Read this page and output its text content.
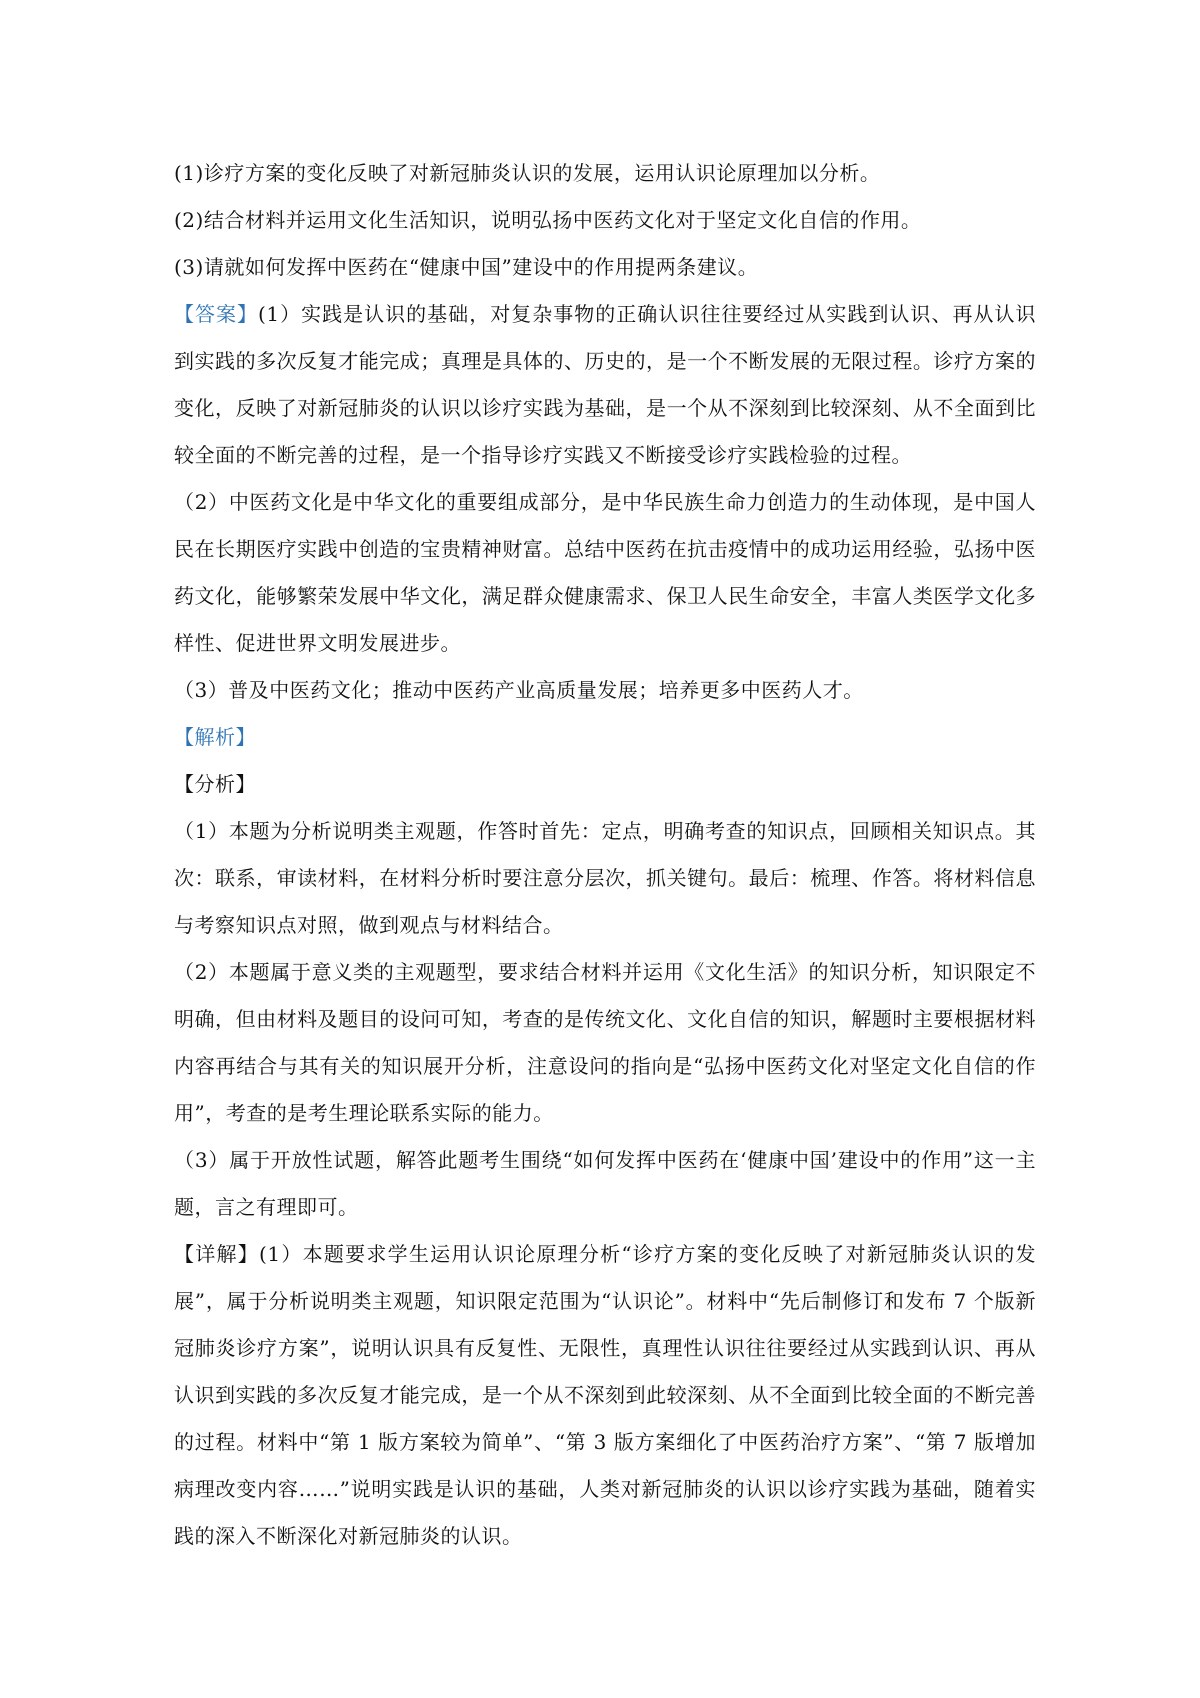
(1)诊疗方案的变化反映了对新冠肺炎认识的发展，运用认识论原理加以分析。

(2)结合材料并运用文化生活知识，说明弘扬中医药文化对于坚定文化自信的作用。

(3)请就如何发挥中医药在“健康中国”建设中的作用提两条建议。

【答案】(1）实践是认识的基础，对复杂事物的正确认识往往要经过从实践到认识、再从认识到实践的多次反复才能完成；真理是具体的、历史的，是一个不断发展的无限过程。诊疗方案的变化，反映了对新冠肺炎的认识以诊疗实践为基础，是一个从不深刻到比较深刻、从不全面到比较全面的不断完善的过程，是一个指导诊疗实践又不断接受诊疗实践检验的过程。

（2）中医药文化是中华文化的重要组成部分，是中华民族生命力创造力的生动体现，是中国人民在长期医疗实践中创造的宝贵精神财富。总结中医药在抗击疫情中的成功运用经验，弘扬中医药文化，能够繁荣发展中华文化，满足群众健康需求、保卫人民生命安全，丰富人类医学文化多样性、促进世界文明发展进步。

（3）普及中医药文化；推动中医药产业高质量发展；培养更多中医药人才。

【解析】

【分析】

（1）本题为分析说明类主观题，作答时首先：定点，明确考查的知识点，回顾相关知识点。其次：联系，审读材料，在材料分析时要注意分层次，抓关键句。最后：梳理、作答。将材料信息与考察知识点对照，做到观点与材料结合。

（2）本题属于意义类的主观题型，要求结合材料并运用《文化生活》的知识分析，知识限定不明确，但由材料及题目的设问可知，考查的是传统文化、文化自信的知识，解题时主要根据材料内容再结合与其有关的知识展开分析，注意设问的指向是“弘扬中医药文化对坚定文化自信的作用”，考查的是考生理论联系实际的能力。

（3）属于开放性试题，解答此题考生围绕“如何发挥中医药在‘健康中国’建设中的作用”这一主题，言之有理即可。

【详解】(1）本题要求学生运用认识论原理分析“诊疗方案的变化反映了对新冠肺炎认识的发展”，属于分析说明类主观题，知识限定范围为“认识论”。材料中“先后制修订和发布 7 个版新冠肺炎诊疗方案”，说明认识具有反复性、无限性，真理性认识往往要经过从实践到认识、再从认识到实践的多次反复才能完成，是一个从不深刻到此较深刻、从不全面到比较全面的不断完善的过程。材料中“第 1 版方案较为简单”、“第 3 版方案细化了中医药治疗方案”、“第 7 版增加病理改变内容……”说明实践是认识的基础，人类对新冠肺炎的认识以诊疗实践为基础，随着实践的深入不断深化对新冠肺炎的认识。
